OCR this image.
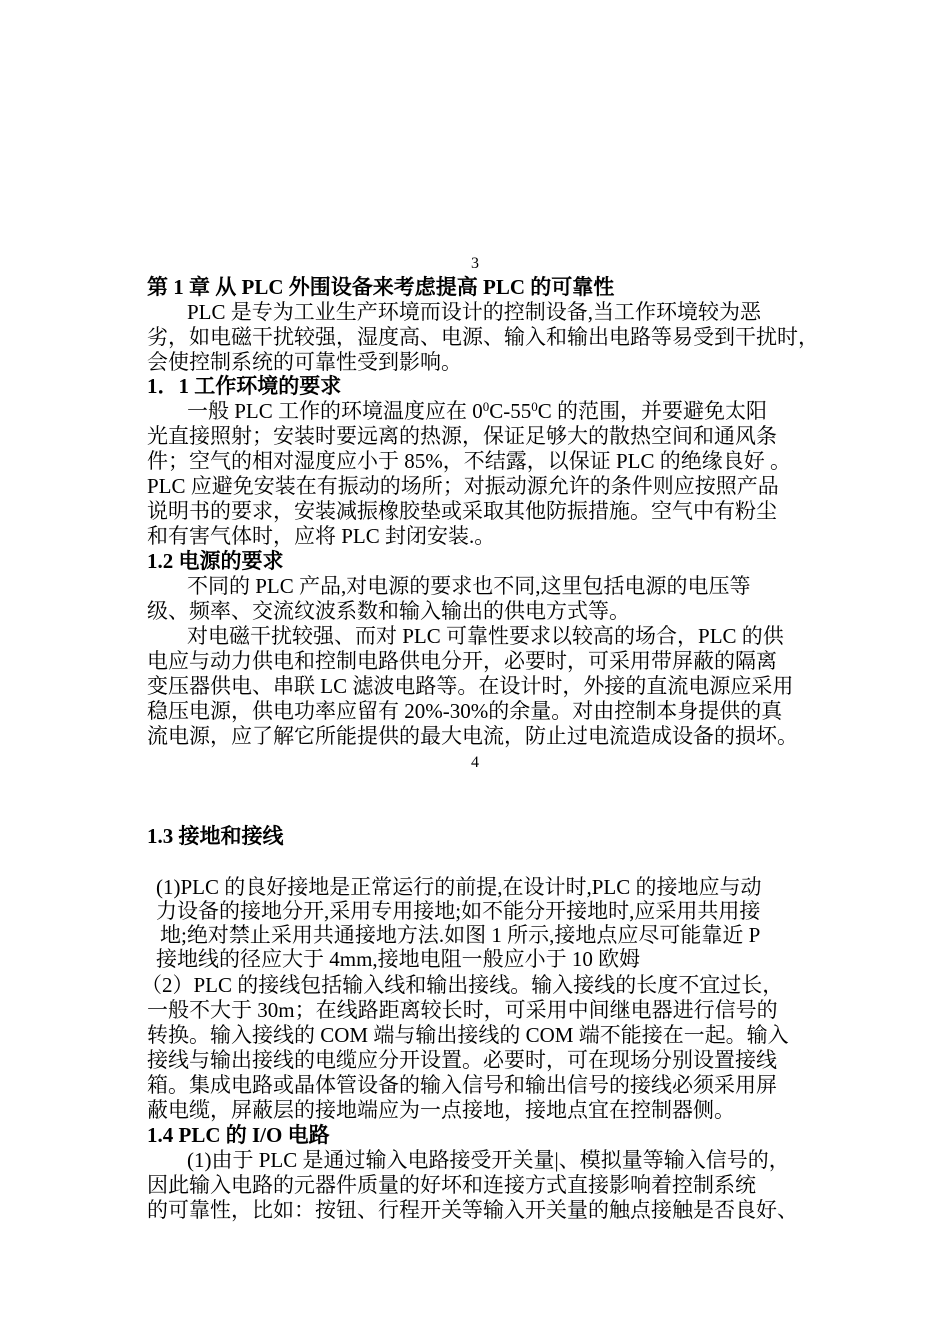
3
第 1 章 从 PLC 外围设备来考虑提高 PLC 的可靠性
PLC 是专为工业生产环境而设计的控制设备,当工作环境较为恶
劣，如电磁干扰较强，湿度高、电源、输入和输出电路等易受到干扰时，
会使控制系统的可靠性受到影响。
1．1 工作环境的要求
一般 PLC 工作的环境温度应在 $0^0C-55^0C$ 的范围，并要避免太阳
光直接照射；安装时要远离的热源，保证足够大的散热空间和通风条
件；空气的相对湿度应小于 85%，不结露，以保证 PLC 的绝缘良好 。
PLC 应避免安装在有振动的场所；对振动源允许的条件则应按照产品
说明书的要求，安装减振橡胶垫或采取其他防振措施。空气中有粉尘
和有害气体时，应将 PLC 封闭安装.。
1.2 电源的要求
不同的 PLC 产品,对电源的要求也不同,这里包括电源的电压等
级、频率、交流纹波系数和输入输出的供电方式等。
对电磁干扰较强、而对 PLC 可靠性要求以较高的场合，PLC 的供
电应与动力供电和控制电路供电分开，必要时，可采用带屏蔽的隔离
变压器供电、串联 LC 滤波电路等。在设计时，外接的直流电源应采用
稳压电源，供电功率应留有 20%-30%的余量。对由控制本身提供的真
流电源，应了解它所能提供的最大电流，防止过电流造成设备的损坏。
4
1.3 接地和接线
(1)PLC 的良好接地是正常运行的前提,在设计时,PLC 的接地应与动
力设备的接地分开,采用专用接地;如不能分开接地时,应采用共用接
地;绝对禁止采用共通接地方法.如图 1 所示,接地点应尽可能靠近 P
接地线的径应大于 4mm,接地电阻一般应小于 10 欧姆
（2）PLC 的接线包括输入线和输出接线。输入接线的长度不宜过长，
一般不大于 30m；在线路距离较长时，可采用中间继电器进行信号的
转换。输入接线的 COM 端与输出接线的 COM 端不能接在一起。输入
接线与输出接线的电缆应分开设置。必要时，可在现场分别设置接线
箱。集成电路或晶体管设备的输入信号和输出信号的接线必须采用屏
蔽电缆，屏蔽层的接地端应为一点接地，接地点宜在控制器侧。
1.4 PLC 的 I/O 电路
(1)由于 PLC 是通过输入电路接受开关量|、模拟量等输入信号的，
因此输入电路的元器件质量的好坏和连接方式直接影响着控制系统
的可靠性，比如：按钮、行程开关等输入开关量的触点接触是否良好、
